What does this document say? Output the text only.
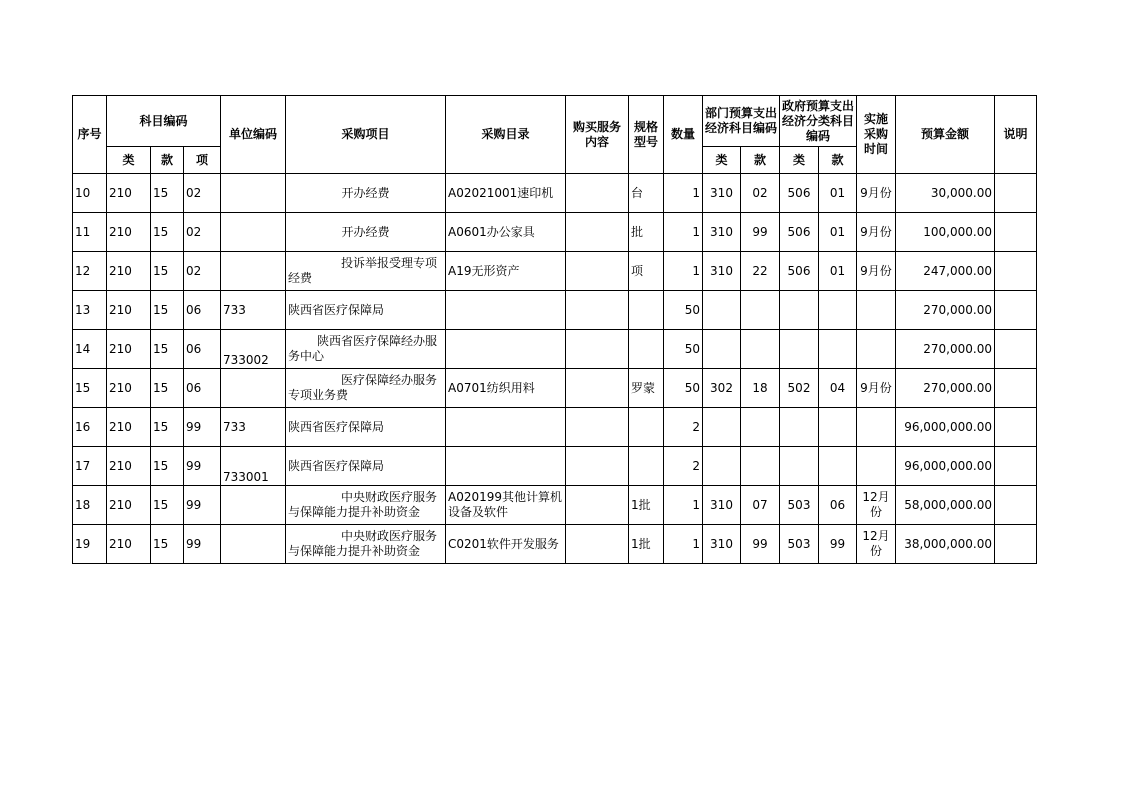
序号	科目编码			单位编码	采购项目	采购目录	购买服务内容	规格型号	数量	部门预算支出经济科目编码		政府预算支出经济分类科目编码		实施采购时间	预算金额	说明
	类	款	项							类	款	类	款			
10	210	15	02		开办经费	A02021001速印机		台	1	310	02	506	01	9月份	30,000.00	
11	210	15	02		开办经费	A0601办公家具		批	1	310	99	506	01	9月份	100,000.00	
12	210	15	02		投诉举报受理专项
经费	A19无形资产		项	1	310	22	506	01	9月份	247,000.00	
13	210	15	06	733	陕西省医疗保障局				50						270,000.00	
14	210	15	06	733002	陕西省医疗保障经办服
务中心				50						270,000.00	
15	210	15	06		医疗保障经办服务
专项业务费	A0701纺织用料		罗蒙	50	302	18	502	04	9月份	270,000.00	
16	210	15	99	733	陕西省医疗保障局				2						96,000,000.00	
17	210	15	99	733001	陕西省医疗保障局				2						96,000,000.00	
18	210	15	99		中央财政医疗服务
与保障能力提升补助资金	A020199其他计算机设备及软件		1批	1	310	07	503	06	12月份	58,000,000.00	
19	210	15	99		中央财政医疗服务
与保障能力提升补助资金	C0201软件开发服务		1批	1	310	99	503	99	12月份	38,000,000.00	
